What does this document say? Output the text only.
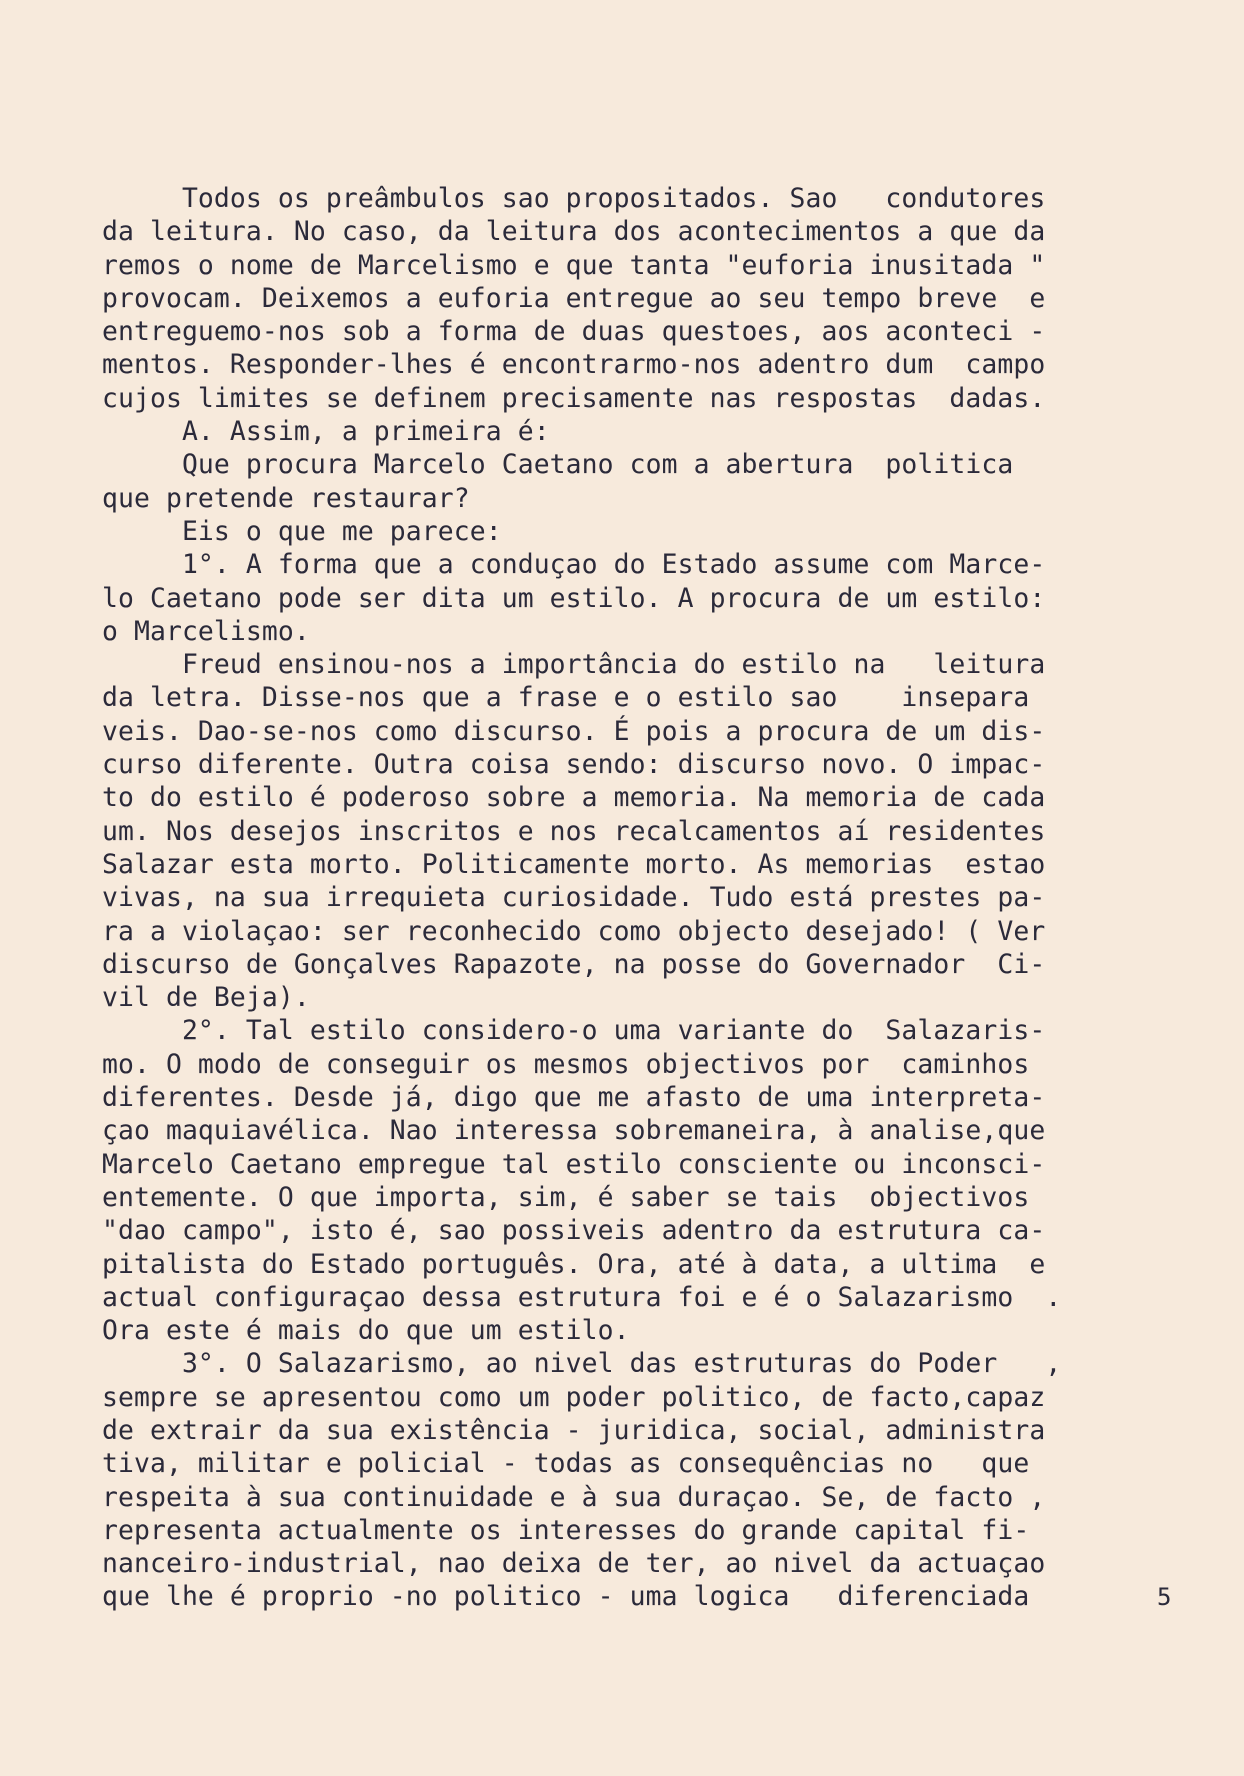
Todos os preâmbulos sao propositados. Sao   condutores
da leitura. No caso, da leitura dos acontecimentos a que da
remos o nome de Marcelismo e que tanta "euforia inusitada "
provocam. Deixemos a euforia entregue ao seu tempo breve  e
entreguemo-nos sob a forma de duas questoes, aos aconteci -
mentos. Responder-lhes é encontrarmo-nos adentro dum  campo
cujos limites se definem precisamente nas respostas  dadas.
A. Assim, a primeira é:
Que procura Marcelo Caetano com a abertura  politica
que pretende restaurar?
Eis o que me parece:
1°. A forma que a conduçao do Estado assume com Marce-
lo Caetano pode ser dita um estilo. A procura de um estilo:
o Marcelismo.
Freud ensinou-nos a importância do estilo na   leitura
da letra. Disse-nos que a frase e o estilo sao    insepara
veis. Dao-se-nos como discurso. É pois a procura de um dis-
curso diferente. Outra coisa sendo: discurso novo. O impac-
to do estilo é poderoso sobre a memoria. Na memoria de cada
um. Nos desejos inscritos e nos recalcamentos aí residentes
Salazar esta morto. Politicamente morto. As memorias  estao
vivas, na sua irrequieta curiosidade. Tudo está prestes pa-
ra a violaçao: ser reconhecido como objecto desejado! ( Ver
discurso de Gonçalves Rapazote, na posse do Governador  Ci-
vil de Beja).
2°. Tal estilo considero-o uma variante do  Salazaris-
mo. O modo de conseguir os mesmos objectivos por  caminhos
diferentes. Desde já, digo que me afasto de uma interpreta-
çao maquiavélica. Nao interessa sobremaneira, à analise,que
Marcelo Caetano empregue tal estilo consciente ou inconsci-
entemente. O que importa, sim, é saber se tais  objectivos
"dao campo", isto é, sao possiveis adentro da estrutura ca-
pitalista do Estado português. Ora, até à data, a ultima  e
actual configuraçao dessa estrutura foi e é o Salazarismo  .
Ora este é mais do que um estilo.
3°. O Salazarismo, ao nivel das estruturas do Poder   ,
sempre se apresentou como um poder politico, de facto,capaz
de extrair da sua existência - juridica, social, administra
tiva, militar e policial - todas as consequências no   que
respeita à sua continuidade e à sua duraçao. Se, de facto ,
representa actualmente os interesses do grande capital fi-
nanceiro-industrial, nao deixa de ter, ao nivel da actuaçao
que lhe é proprio -no politico - uma logica   diferenciada	5
